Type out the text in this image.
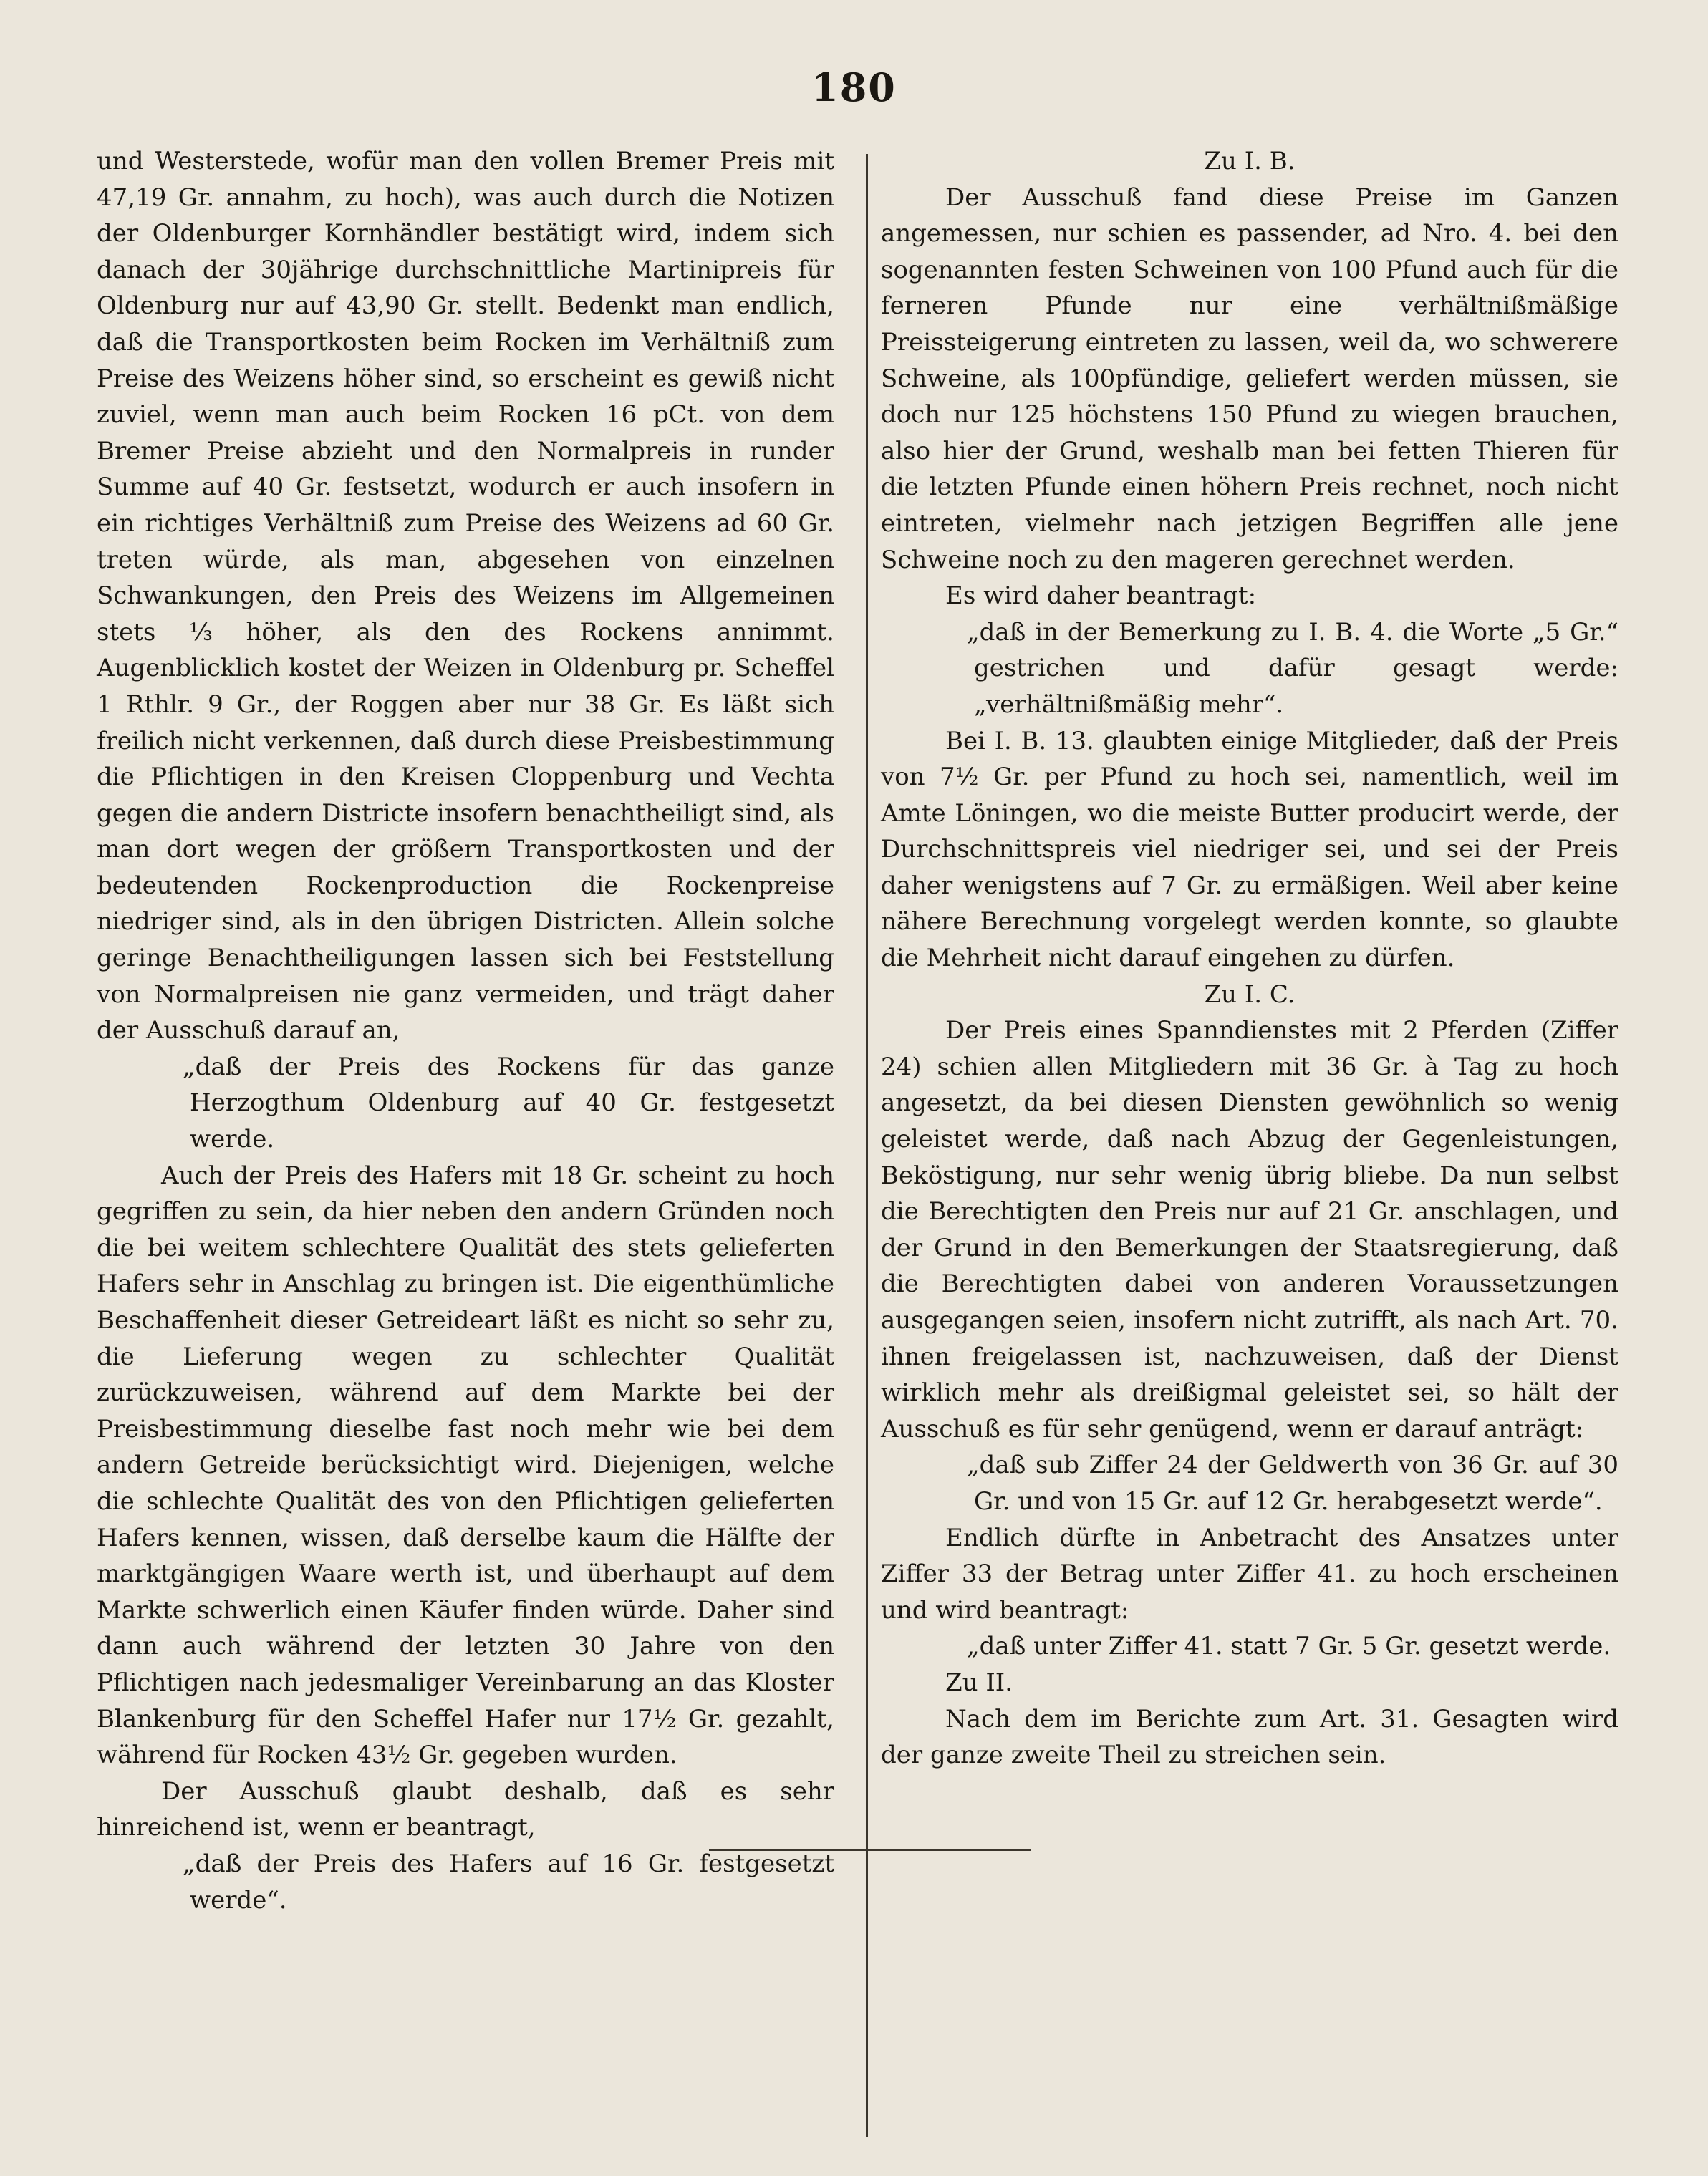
180

und Westerstede, wofür man den vollen Bremer Preis mit 47,19 Gr. annahm, zu hoch), was auch durch die Notizen der Oldenburger Kornhändler bestätigt wird, indem sich danach der 30jährige durchschnittliche Martinipreis für Oldenburg nur auf 43,90 Gr. stellt. Bedenkt man endlich, daß die Transportkosten beim Rocken im Verhältniß zum Preise des Weizens höher sind, so erscheint es gewiß nicht zuviel, wenn man auch beim Rocken 16 pCt. von dem Bremer Preise abzieht und den Normalpreis in runder Summe auf 40 Gr. festsetzt, wodurch er auch insofern in ein richtiges Verhältniß zum Preise des Weizens ad 60 Gr. treten würde, als man, abgesehen von einzelnen Schwankungen, den Preis des Weizens im Allgemeinen stets ⅓ höher, als den des Rockens annimmt. Augenblicklich kostet der Weizen in Oldenburg pr. Scheffel 1 Rthlr. 9 Gr., der Roggen aber nur 38 Gr. Es läßt sich freilich nicht verkennen, daß durch diese Preisbestimmung die Pflichtigen in den Kreisen Cloppenburg und Vechta gegen die andern Districte insofern benachtheiligt sind, als man dort wegen der größern Transportkosten und der bedeutenden Rockenproduction die Rockenpreise niedriger sind, als in den übrigen Districten. Allein solche geringe Benachtheiligungen lassen sich bei Feststellung von Normalpreisen nie ganz vermeiden, und trägt daher der Ausschuß darauf an,

„daß der Preis des Rockens für das ganze Herzogthum Oldenburg auf 40 Gr. festgesetzt werde.

Auch der Preis des Hafers mit 18 Gr. scheint zu hoch gegriffen zu sein, da hier neben den andern Gründen noch die bei weitem schlechtere Qualität des stets gelieferten Hafers sehr in Anschlag zu bringen ist. Die eigenthümliche Beschaffenheit dieser Getreideart läßt es nicht so sehr zu, die Lieferung wegen zu schlechter Qualität zurückzuweisen, während auf dem Markte bei der Preisbestimmung dieselbe fast noch mehr wie bei dem andern Getreide berücksichtigt wird. Diejenigen, welche die schlechte Qualität des von den Pflichtigen gelieferten Hafers kennen, wissen, daß derselbe kaum die Hälfte der marktgängigen Waare werth ist, und überhaupt auf dem Markte schwerlich einen Käufer finden würde. Daher sind dann auch während der letzten 30 Jahre von den Pflichtigen nach jedesmaliger Vereinbarung an das Kloster Blankenburg für den Scheffel Hafer nur 17½ Gr. gezahlt, während für Rocken 43½ Gr. gegeben wurden.

Der Ausschuß glaubt deshalb, daß es sehr hinreichend ist, wenn er beantragt,

„daß der Preis des Hafers auf 16 Gr. festgesetzt werde“.

Zu I. B.

Der Ausschuß fand diese Preise im Ganzen angemessen, nur schien es passender, ad Nro. 4. bei den sogenannten festen Schweinen von 100 Pfund auch für die ferneren Pfunde nur eine verhältnißmäßige Preissteigerung eintreten zu lassen, weil da, wo schwerere Schweine, als 100pfündige, geliefert werden müssen, sie doch nur 125 höchstens 150 Pfund zu wiegen brauchen, also hier der Grund, weshalb man bei fetten Thieren für die letzten Pfunde einen höhern Preis rechnet, noch nicht eintreten, vielmehr nach jetzigen Begriffen alle jene Schweine noch zu den mageren gerechnet werden.

Es wird daher beantragt:

„daß in der Bemerkung zu I. B. 4. die Worte „5 Gr.“ gestrichen und dafür gesagt werde: „verhältnißmäßig mehr“.

Bei I. B. 13. glaubten einige Mitglieder, daß der Preis von 7½ Gr. per Pfund zu hoch sei, namentlich, weil im Amte Löningen, wo die meiste Butter producirt werde, der Durchschnittspreis viel niedriger sei, und sei der Preis daher wenigstens auf 7 Gr. zu ermäßigen. Weil aber keine nähere Berechnung vorgelegt werden konnte, so glaubte die Mehrheit nicht darauf eingehen zu dürfen.

Zu I. C.

Der Preis eines Spanndienstes mit 2 Pferden (Ziffer 24) schien allen Mitgliedern mit 36 Gr. à Tag zu hoch angesetzt, da bei diesen Diensten gewöhnlich so wenig geleistet werde, daß nach Abzug der Gegenleistungen, Beköstigung, nur sehr wenig übrig bliebe. Da nun selbst die Berechtigten den Preis nur auf 21 Gr. anschlagen, und der Grund in den Bemerkungen der Staatsregierung, daß die Berechtigten dabei von anderen Voraussetzungen ausgegangen seien, insofern nicht zutrifft, als nach Art. 70. ihnen freigelassen ist, nachzuweisen, daß der Dienst wirklich mehr als dreißigmal geleistet sei, so hält der Ausschuß es für sehr genügend, wenn er darauf anträgt:

„daß sub Ziffer 24 der Geldwerth von 36 Gr. auf 30 Gr. und von 15 Gr. auf 12 Gr. herabgesetzt werde“.

Endlich dürfte in Anbetracht des Ansatzes unter Ziffer 33 der Betrag unter Ziffer 41. zu hoch erscheinen und wird beantragt:

„daß unter Ziffer 41. statt 7 Gr. 5 Gr. gesetzt werde.

Zu II.

Nach dem im Berichte zum Art. 31. Gesagten wird der ganze zweite Theil zu streichen sein.
